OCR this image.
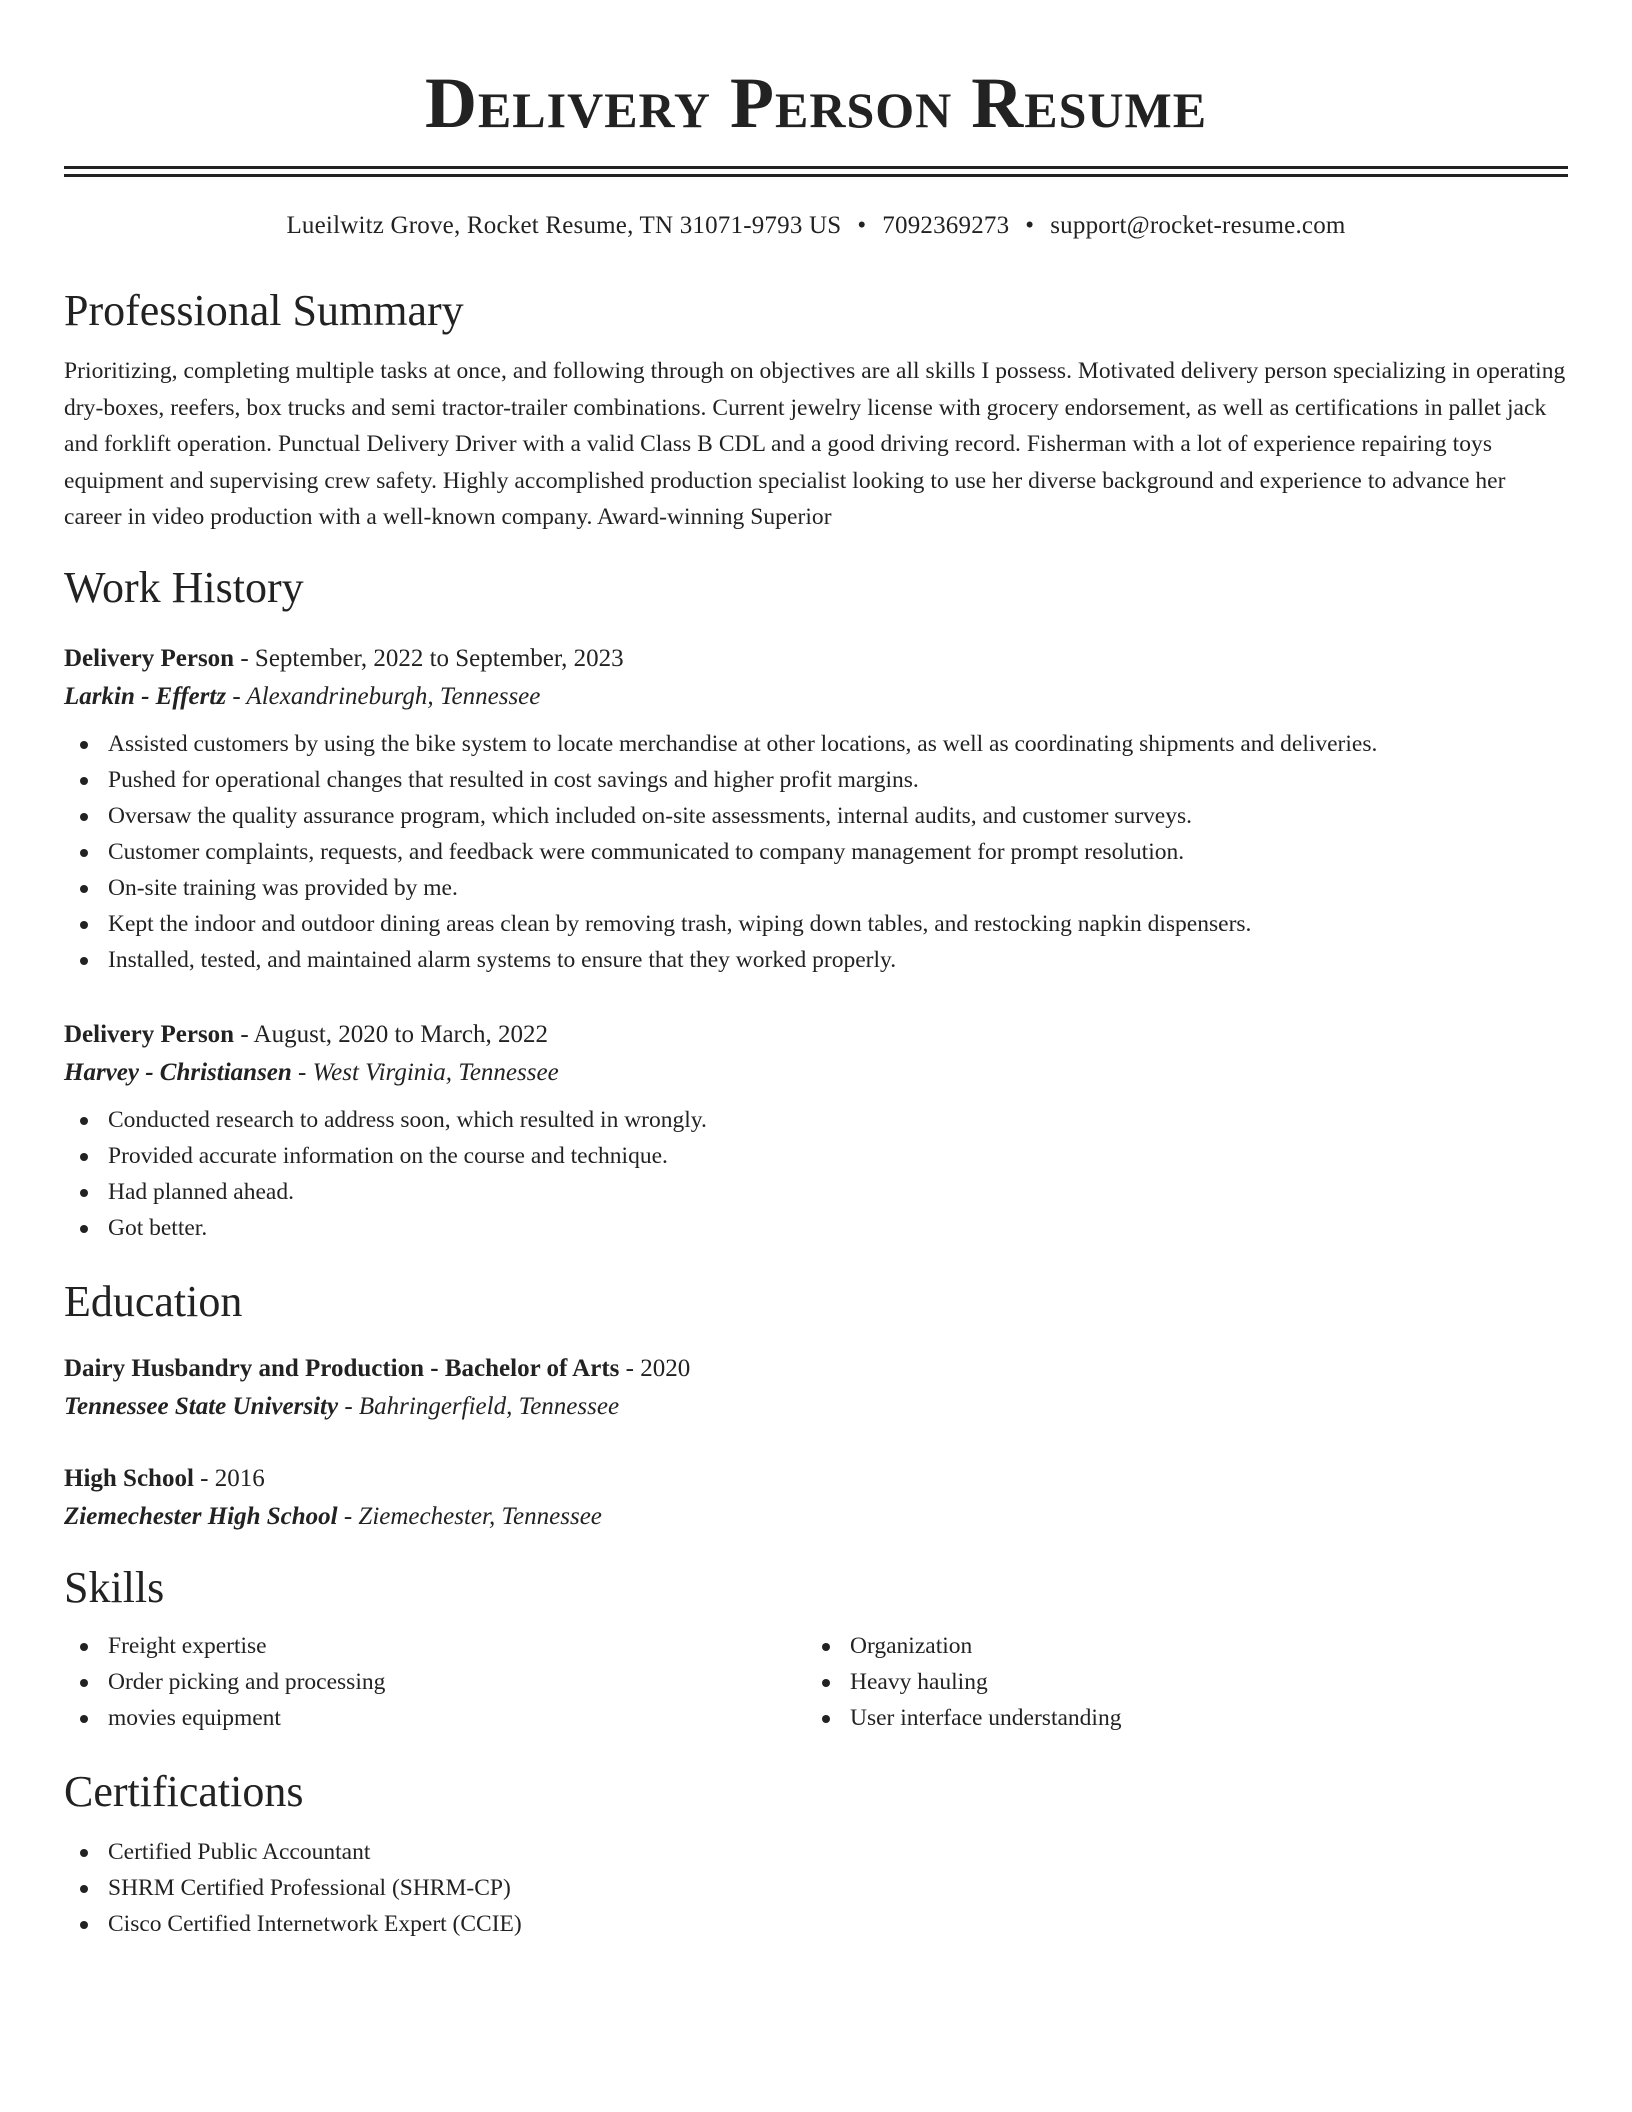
Delivery Person Resume
Lueilwitz Grove, Rocket Resume, TN 31071-9793 US • 7092369273 • support@rocket-resume.com
Professional Summary
Prioritizing, completing multiple tasks at once, and following through on objectives are all skills I possess. Motivated delivery person specializing in operating dry-boxes, reefers, box trucks and semi tractor-trailer combinations. Current jewelry license with grocery endorsement, as well as certifications in pallet jack and forklift operation. Punctual Delivery Driver with a valid Class B CDL and a good driving record. Fisherman with a lot of experience repairing toys equipment and supervising crew safety. Highly accomplished production specialist looking to use her diverse background and experience to advance her career in video production with a well-known company. Award-winning Superior
Work History
Delivery Person - September, 2022 to September, 2023
Larkin - Effertz - Alexandrineburgh, Tennessee
Assisted customers by using the bike system to locate merchandise at other locations, as well as coordinating shipments and deliveries.
Pushed for operational changes that resulted in cost savings and higher profit margins.
Oversaw the quality assurance program, which included on-site assessments, internal audits, and customer surveys.
Customer complaints, requests, and feedback were communicated to company management for prompt resolution.
On-site training was provided by me.
Kept the indoor and outdoor dining areas clean by removing trash, wiping down tables, and restocking napkin dispensers.
Installed, tested, and maintained alarm systems to ensure that they worked properly.
Delivery Person - August, 2020 to March, 2022
Harvey - Christiansen - West Virginia, Tennessee
Conducted research to address soon, which resulted in wrongly.
Provided accurate information on the course and technique.
Had planned ahead.
Got better.
Education
Dairy Husbandry and Production - Bachelor of Arts - 2020
Tennessee State University - Bahringerfield, Tennessee
High School - 2016
Ziemechester High School - Ziemechester, Tennessee
Skills
Freight expertise
Order picking and processing
movies equipment
Organization
Heavy hauling
User interface understanding
Certifications
Certified Public Accountant
SHRM Certified Professional (SHRM-CP)
Cisco Certified Internetwork Expert (CCIE)
